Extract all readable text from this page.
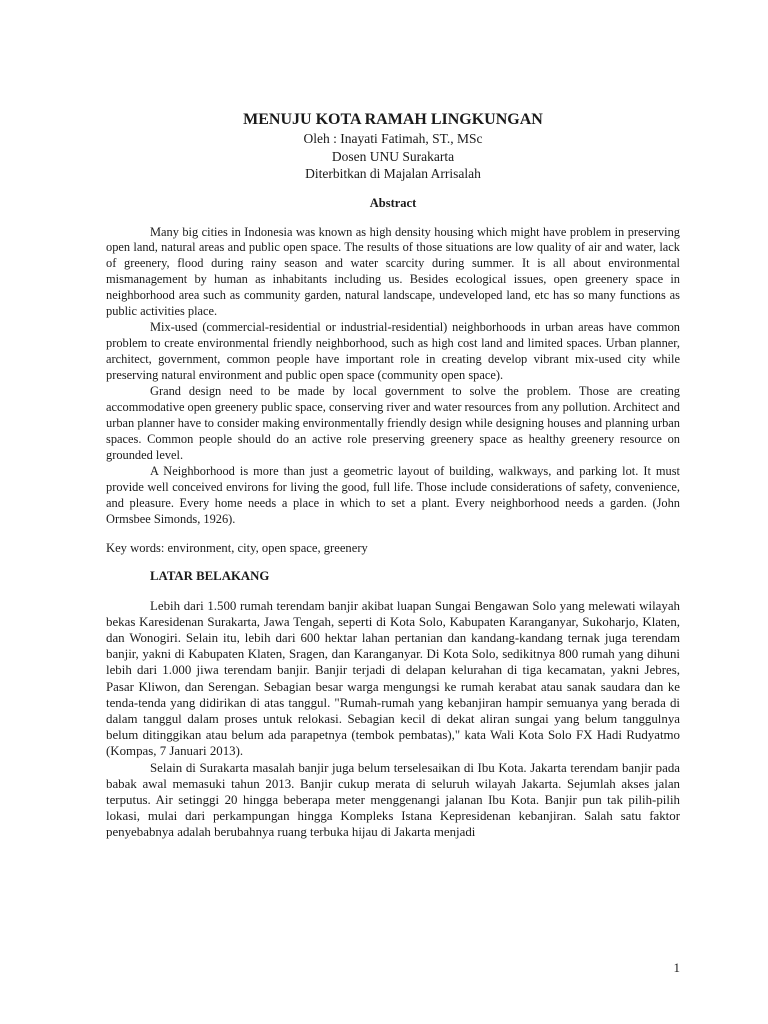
MENUJU KOTA RAMAH LINGKUNGAN

Oleh : Inayati Fatimah, ST., MSc

Dosen UNU Surakarta

Diterbitkan di Majalan Arrisalah

Abstract

Many big cities in Indonesia was known as high density housing which might have problem in preserving open land, natural areas and public open space. The results of those situations are low quality of air and water, lack of greenery, flood during rainy season and water scarcity during summer. It is all about environmental mismanagement by human as inhabitants including us. Besides ecological issues, open greenery space in neighborhood area such as community garden, natural landscape, undeveloped land, etc has so many functions as public activities place.

Mix-used (commercial-residential or industrial-residential) neighborhoods in urban areas have common problem to create environmental friendly neighborhood, such as high cost land and limited spaces. Urban planner, architect, government, common people have important role in creating develop vibrant mix-used city while preserving natural environment and public open space (community open space).

Grand design need to be made by local government to solve the problem. Those are creating accommodative open greenery public space, conserving river and water resources from any pollution. Architect and urban planner have to consider making environmentally friendly design while designing houses and planning urban spaces. Common people should do an active role preserving greenery space as healthy greenery resource on grounded level.

A Neighborhood is more than just a geometric layout of building, walkways, and parking lot. It must provide well conceived environs for living the good, full life. Those include considerations of safety, convenience, and pleasure. Every home needs a place in which to set a plant. Every neighborhood needs a garden. (John Ormsbee Simonds, 1926).

Key words: environment, city, open space, greenery

LATAR BELAKANG

Lebih dari 1.500 rumah terendam banjir akibat luapan Sungai Bengawan Solo yang melewati wilayah bekas Karesidenan Surakarta, Jawa Tengah, seperti di Kota Solo, Kabupaten Karanganyar, Sukoharjo, Klaten, dan Wonogiri. Selain itu, lebih dari 600 hektar lahan pertanian dan kandang-kandang ternak juga terendam banjir, yakni di Kabupaten Klaten, Sragen, dan Karanganyar. Di Kota Solo, sedikitnya 800 rumah yang dihuni lebih dari 1.000 jiwa terendam banjir. Banjir terjadi di delapan kelurahan di tiga kecamatan, yakni Jebres, Pasar Kliwon, dan Serengan. Sebagian besar warga mengungsi ke rumah kerabat atau sanak saudara dan ke tenda-tenda yang didirikan di atas tanggul. "Rumah-rumah yang kebanjiran hampir semuanya yang berada di dalam tanggul dalam proses untuk relokasi. Sebagian kecil di dekat aliran sungai yang belum tanggulnya belum ditinggikan atau belum ada parapetnya (tembok pembatas)," kata Wali Kota Solo FX Hadi Rudyatmo (Kompas, 7 Januari 2013).

Selain di Surakarta masalah banjir juga belum terselesaikan di Ibu Kota. Jakarta terendam banjir pada babak awal memasuki tahun 2013. Banjir cukup merata di seluruh wilayah Jakarta. Sejumlah akses jalan terputus. Air setinggi 20 hingga beberapa meter menggenangi jalanan Ibu Kota. Banjir pun tak pilih-pilih lokasi, mulai dari perkampungan hingga Kompleks Istana Kepresidenan kebanjiran. Salah satu faktor penyebabnya adalah berubahnya ruang terbuka hijau di Jakarta menjadi

1
